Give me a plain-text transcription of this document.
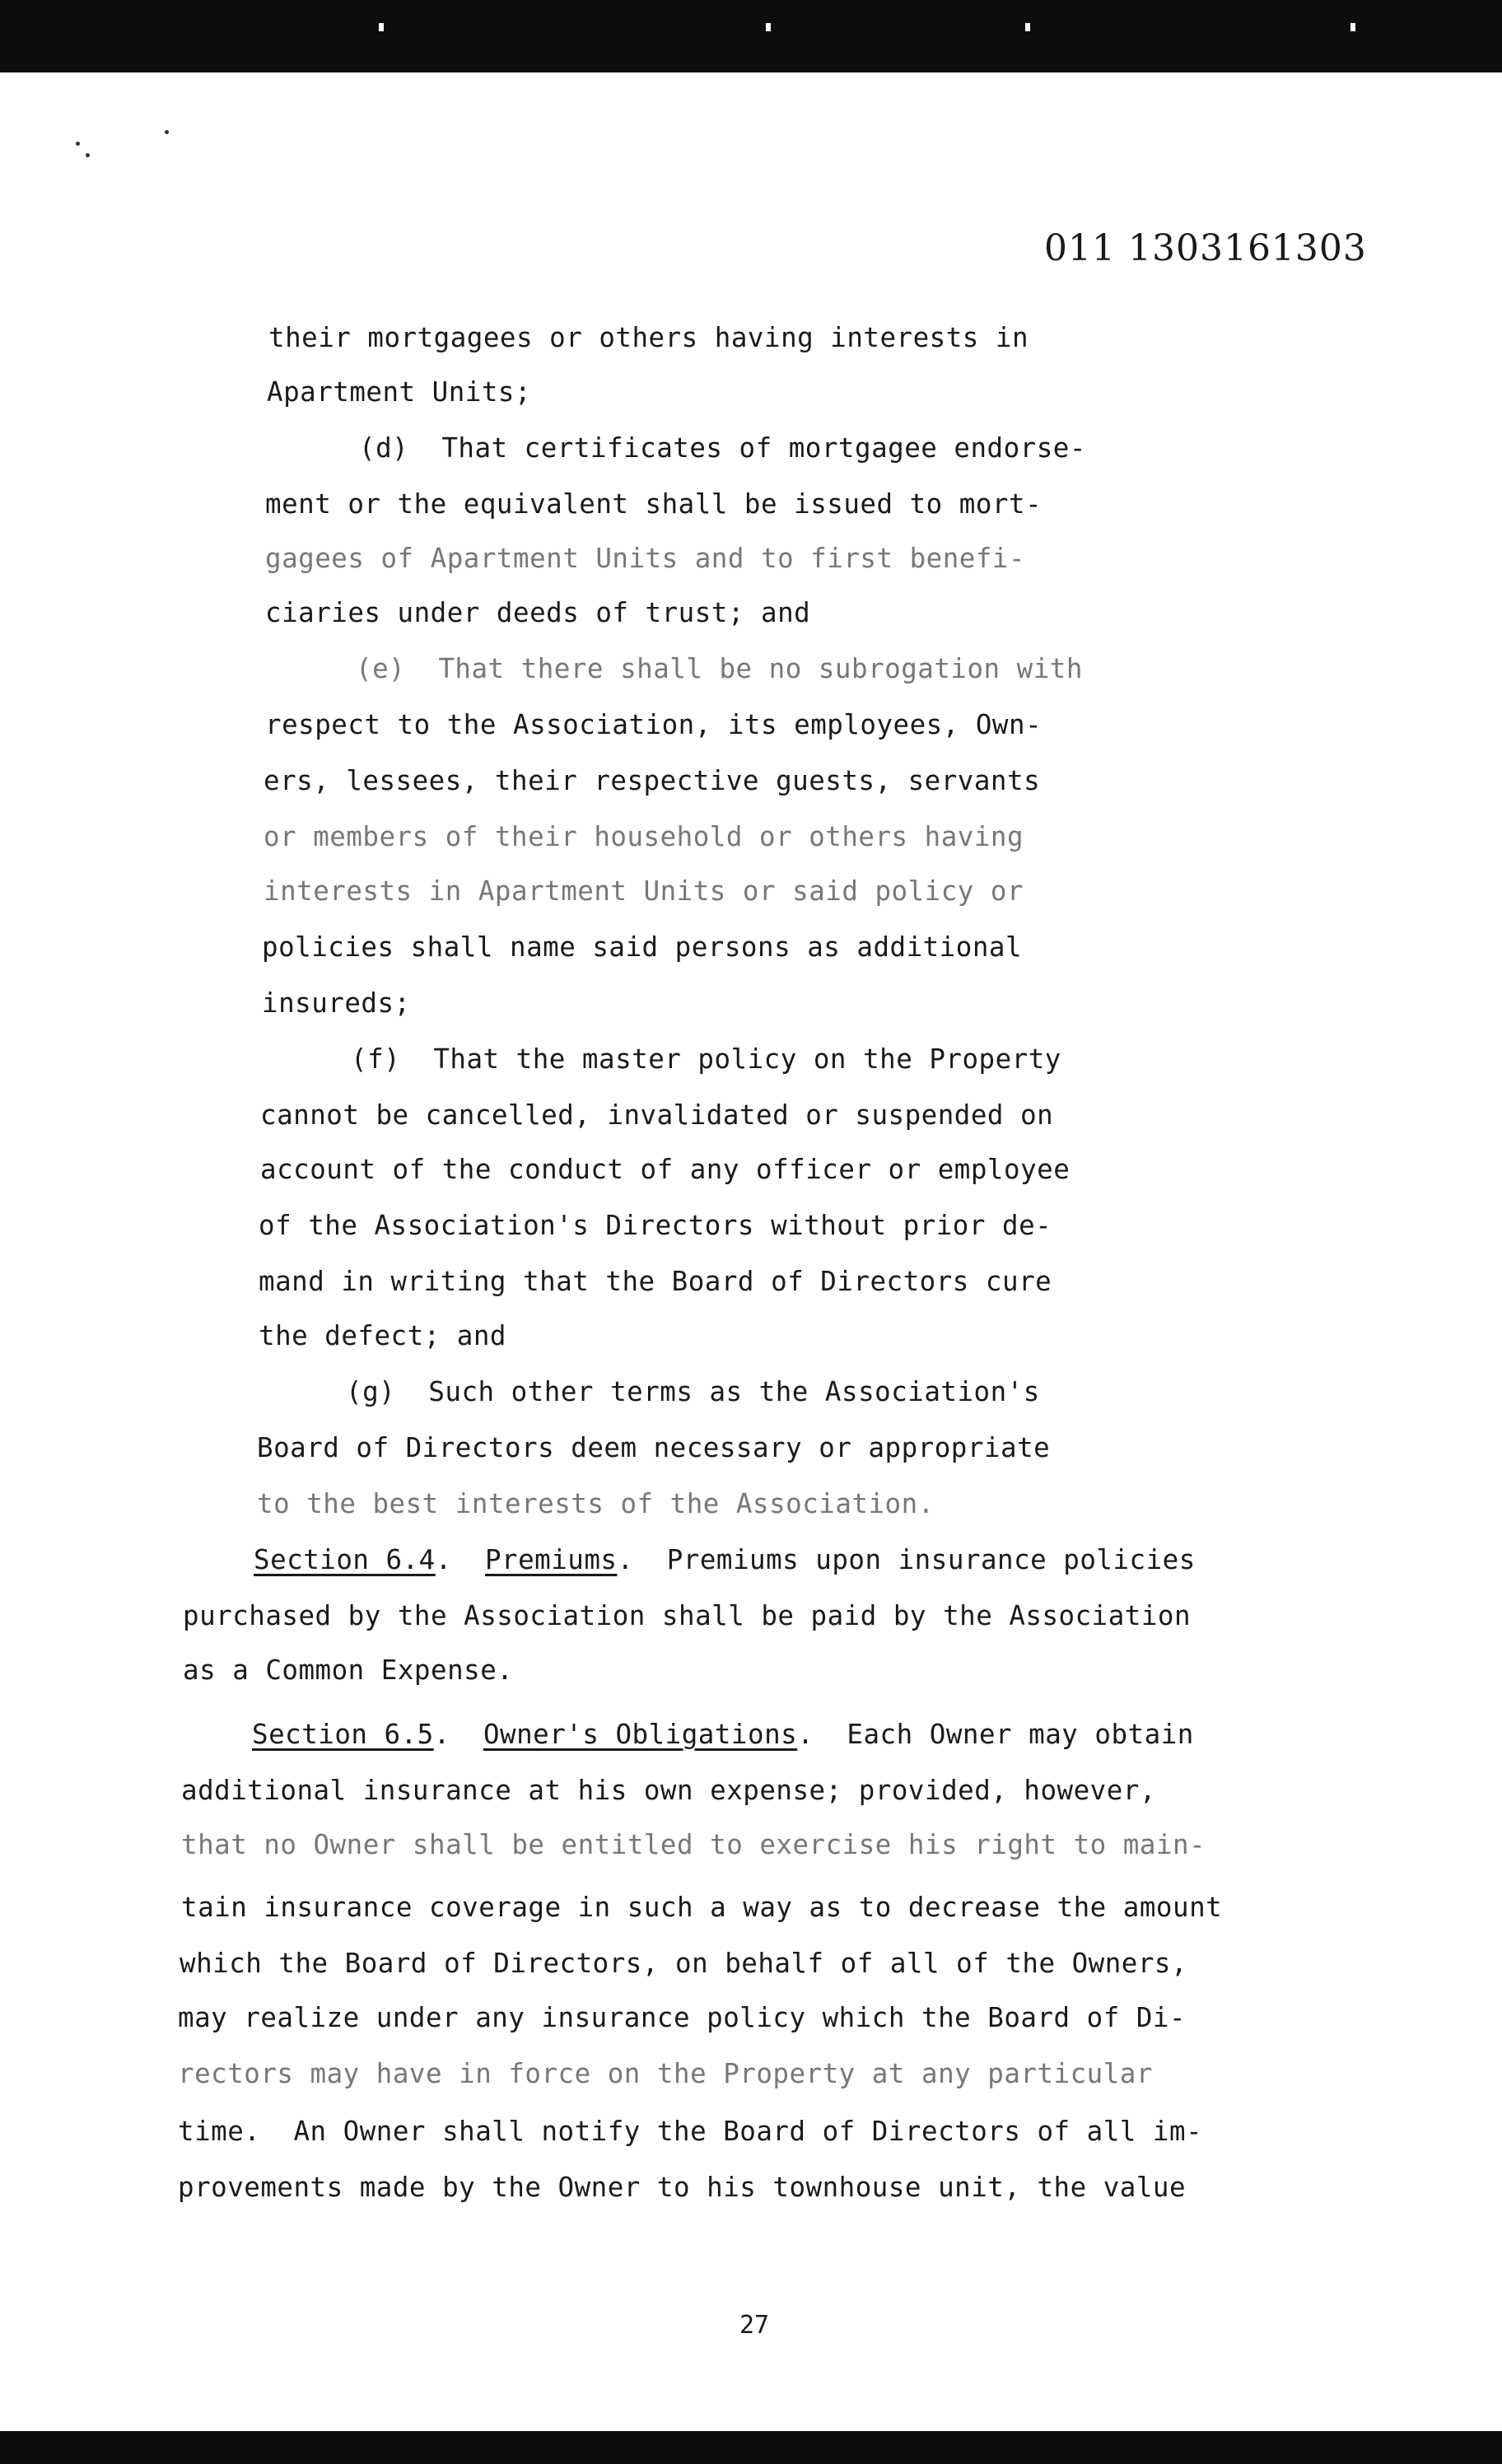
011 1303161303

their mortgagees or others having interests in

Apartment Units;

(d)  That certificates of mortgagee endorse-

ment or the equivalent shall be issued to mort-

gagees of Apartment Units and to first benefi-

ciaries under deeds of trust; and

(e)  That there shall be no subrogation with

respect to the Association, its employees, Own-

ers, lessees, their respective guests, servants

or members of their household or others having

interests in Apartment Units or said policy or

policies shall name said persons as additional

insureds;

(f)  That the master policy on the Property

cannot be cancelled, invalidated or suspended on

account of the conduct of any officer or employee

of the Association's Directors without prior de-

mand in writing that the Board of Directors cure

the defect; and

(g)  Such other terms as the Association's

Board of Directors deem necessary or appropriate

to the best interests of the Association.

Section 6.4.  Premiums.  Premiums upon insurance policies

purchased by the Association shall be paid by the Association

as a Common Expense.

Section 6.5.  Owner's Obligations.  Each Owner may obtain

additional insurance at his own expense; provided, however,

that no Owner shall be entitled to exercise his right to main-

tain insurance coverage in such a way as to decrease the amount

which the Board of Directors, on behalf of all of the Owners,

may realize under any insurance policy which the Board of Di-

rectors may have in force on the Property at any particular

time.  An Owner shall notify the Board of Directors of all im-

provements made by the Owner to his townhouse unit, the value

27
